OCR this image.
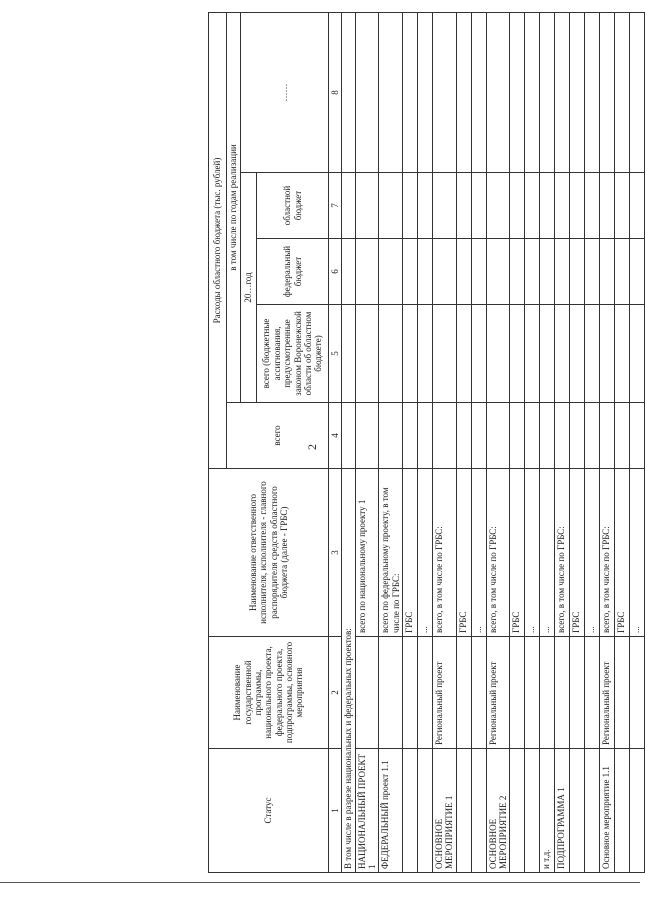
2
Статус	Наименование государственной программы, национального проекта, федерального проекта, подпрограммы, основного мероприятия	Наименование ответственного исполнителя, исполнителя - главного распорядителя средств областного бюджета (далее - ГРБС)	Расходы областного бюджета (тыс. рублей)				
			всего	в том числе по годам реализации			
				20…год			……
				всего (бюджетные ассигнования, предусмотренные законом Воронежской области об областном бюджете)	федеральный бюджет	областной бюджет	
1	2	3	4	5	6	7	8
В том числе в разрезе национальных и федеральных проектов:							
НАЦИОНАЛЬНЫЙ ПРОЕКТ 1		всего по национальному проекту 1					
ФЕДЕРАЛЬНЫЙ проект 1.1		всего по федеральному проекту, в том числе по ГРБС:					
		ГРБС					
		...					
ОСНОВНОЕ МЕРОПРИЯТИЕ 1	Региональный проект	всего, в том числе по ГРБС:					
		ГРБС					
		...					
ОСНОВНОЕ МЕРОПРИЯТИЕ 2	Региональный проект	всего, в том числе по ГРБС:					
		ГРБС					
		...					
и т.д.		...					
ПОДПРОГРАММА 1		всего, в том числе по ГРБС:					
		ГРБС					
		...					
Основное мероприятие 1.1	Региональный проект	всего, в том числе по ГРБС:					
		ГРБС					
		...					
